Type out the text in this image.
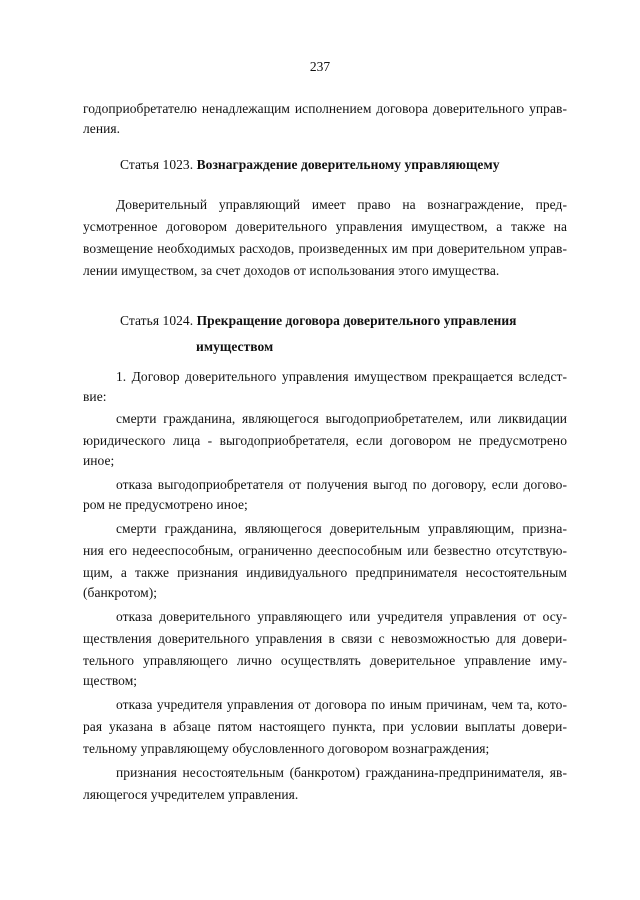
237
годоприобретателю ненадлежащим исполнением договора доверительного управ-
ления.
Статья 1023. Вознаграждение доверительному управляющему
Доверительный управляющий имеет право на вознаграждение, пред-
усмотренное договором доверительного управления имуществом, а также на
возмещение необходимых расходов, произведенных им при доверительном управ-
лении имуществом, за счет доходов от использования этого имущества.
Статья 1024. Прекращение договора доверительного управления
имуществом
1. Договор доверительного управления имуществом прекращается вследст-
вие:
смерти гражданина, являющегося выгодоприобретателем, или ликвидации
юридического лица - выгодоприобретателя, если договором не предусмотрено
иное;
отказа выгодоприобретателя от получения выгод по договору, если догово-
ром не предусмотрено иное;
смерти гражданина, являющегося доверительным управляющим, призна-
ния его недееспособным, ограниченно дееспособным или безвестно отсутствую-
щим, а также признания индивидуального предпринимателя несостоятельным
(банкротом);
отказа доверительного управляющего или учредителя управления от осу-
ществления доверительного управления в связи с невозможностью для довери-
тельного управляющего лично осуществлять доверительное управление иму-
ществом;
отказа учредителя управления от договора по иным причинам, чем та, кото-
рая указана в абзаце пятом настоящего пункта, при условии выплаты довери-
тельному управляющему обусловленного договором вознаграждения;
признания несостоятельным (банкротом) гражданина-предпринимателя, яв-
ляющегося учредителем управления.
